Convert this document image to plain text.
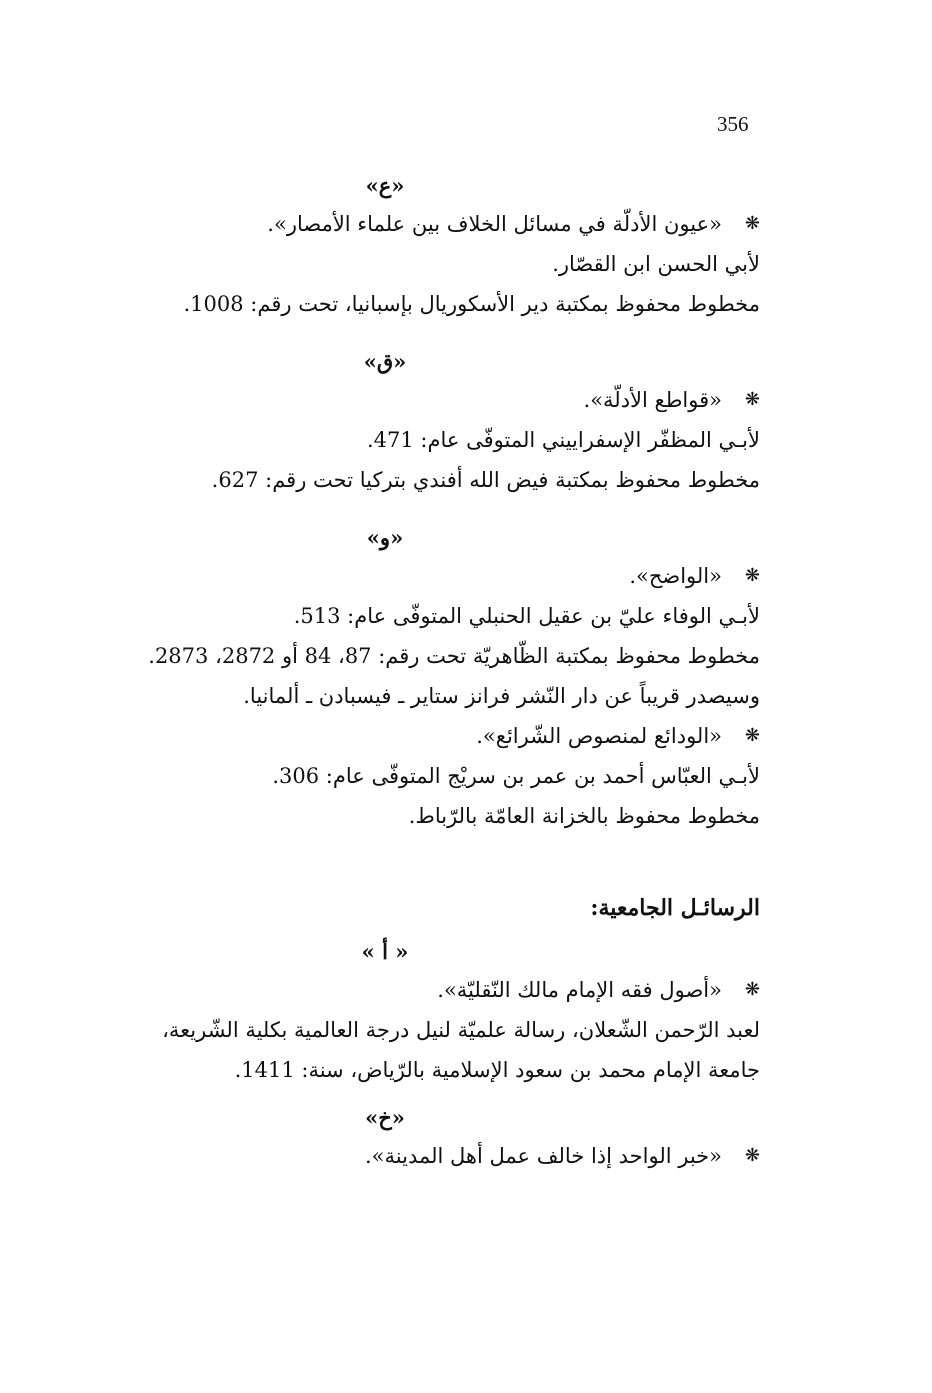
356
«ع»
❋
«عيون الأدلّة في مسائل الخلاف بين علماء الأمصار».
لأبي الحسن ابن القصّار.
مخطوط محفوظ بمكتبة دير الأسكوريال بإسبانيا، تحت رقم: 1008.
«ق»
❋
«قواطع الأدلّة».
لأبـي المظفّر الإسفراييني المتوفّى عام: 471.
مخطوط محفوظ بمكتبة فيض الله أفندي بتركيا تحت رقم: 627.
«و»
❋
«الواضح».
لأبـي الوفاء عليّ بن عقيل الحنبلي المتوفّى عام: 513.
مخطوط محفوظ بمكتبة الظّاهريّة تحت رقم: 87، 84 أو 2872، 2873.
وسيصدر قريباً عن دار النّشر فرانز ستاير ـ فيسبادن ـ ألمانيا.
❋
«الودائع لمنصوص الشّرائع».
لأبـي العبّاس أحمد بن عمر بن سريْج المتوفّى عام: 306.
مخطوط محفوظ بالخزانة العامّة بالرّباط.
الرسائـل الجامعية:
« أ »
❋
«أصول فقه الإمام مالك النّقليّة».
لعبد الرّحمن الشّعلان، رسالة علميّة لنيل درجة العالمية بكلية الشّريعة،
جامعة الإمام محمد بن سعود الإسلامية بالرّياض، سنة: 1411.
«خ»
❋
«خبر الواحد إذا خالف عمل أهل المدينة».
